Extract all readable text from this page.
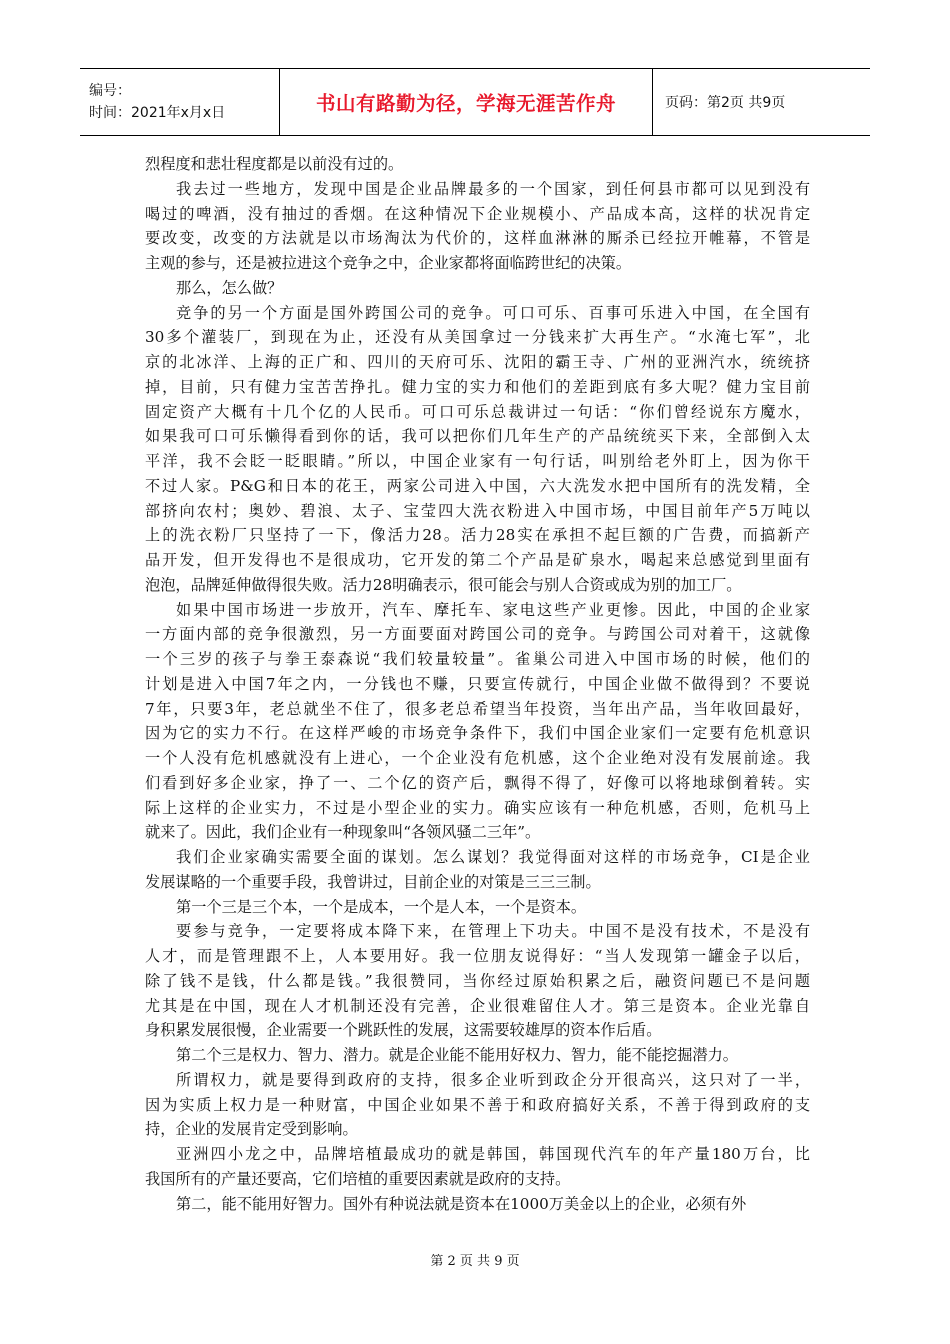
编号：
时间：2021年x月x日	书山有路勤为径，学海无涯苦作舟	页码：第2页 共9页
烈程度和悲壮程度都是以前没有过的。
我去过一些地方，发现中国是企业品牌最多的一个国家，到任何县市都可以见到没有
喝过的啤酒，没有抽过的香烟。在这种情况下企业规模小、产品成本高，这样的状况肯定
要改变，改变的方法就是以市场淘汰为代价的，这样血淋淋的厮杀已经拉开帷幕，不管是
主观的参与，还是被拉进这个竞争之中，企业家都将面临跨世纪的决策。
那么，怎么做？
竞争的另一个方面是国外跨国公司的竞争。可口可乐、百事可乐进入中国，在全国有
30多个灌装厂，到现在为止，还没有从美国拿过一分钱来扩大再生产。“水淹七军”，北
京的北冰洋、上海的正广和、四川的天府可乐、沈阳的霸王寺、广州的亚洲汽水，统统挤
掉，目前，只有健力宝苦苦挣扎。健力宝的实力和他们的差距到底有多大呢？健力宝目前
固定资产大概有十几个亿的人民币。可口可乐总裁讲过一句话：“你们曾经说东方魔水，
如果我可口可乐懒得看到你的话，我可以把你们几年生产的产品统统买下来，全部倒入太
平洋，我不会眨一眨眼睛。”所以，中国企业家有一句行话，叫别给老外盯上，因为你干
不过人家。P&G和日本的花王，两家公司进入中国，六大洗发水把中国所有的洗发精，全
部挤向农村；奥妙、碧浪、太子、宝莹四大洗衣粉进入中国市场，中国目前年产5万吨以
上的洗衣粉厂只坚持了一下，像活力28。活力28实在承担不起巨额的广告费，而搞新产
品开发，但开发得也不是很成功，它开发的第二个产品是矿泉水，喝起来总感觉到里面有
泡泡，品牌延伸做得很失败。活力28明确表示，很可能会与别人合资或成为别的加工厂。
如果中国市场进一步放开，汽车、摩托车、家电这些产业更惨。因此，中国的企业家
一方面内部的竞争很激烈，另一方面要面对跨国公司的竞争。与跨国公司对着干，这就像
一个三岁的孩子与拳王泰森说“我们较量较量”。雀巢公司进入中国市场的时候，他们的
计划是进入中国7年之内，一分钱也不赚，只要宣传就行，中国企业做不做得到？不要说
7年，只要3年，老总就坐不住了，很多老总希望当年投资，当年出产品，当年收回最好，
因为它的实力不行。在这样严峻的市场竞争条件下，我们中国企业家们一定要有危机意识
一个人没有危机感就没有上进心，一个企业没有危机感，这个企业绝对没有发展前途。我
们看到好多企业家，挣了一、二个亿的资产后，飘得不得了，好像可以将地球倒着转。实
际上这样的企业实力，不过是小型企业的实力。确实应该有一种危机感，否则，危机马上
就来了。因此，我们企业有一种现象叫“各领风骚二三年”。
我们企业家确实需要全面的谋划。怎么谋划？我觉得面对这样的市场竞争，CI是企业
发展谋略的一个重要手段，我曾讲过，目前企业的对策是三三三制。
第一个三是三个本，一个是成本，一个是人本，一个是资本。
要参与竞争，一定要将成本降下来，在管理上下功夫。中国不是没有技术，不是没有
人才，而是管理跟不上，人本要用好。我一位朋友说得好：“当人发现第一罐金子以后，
除了钱不是钱，什么都是钱。”我很赞同，当你经过原始积累之后，融资问题已不是问题
尤其是在中国，现在人才机制还没有完善，企业很难留住人才。第三是资本。企业光靠自
身积累发展很慢，企业需要一个跳跃性的发展，这需要较雄厚的资本作后盾。
第二个三是权力、智力、潜力。就是企业能不能用好权力、智力，能不能挖掘潜力。
所谓权力，就是要得到政府的支持，很多企业听到政企分开很高兴，这只对了一半，
因为实质上权力是一种财富，中国企业如果不善于和政府搞好关系，不善于得到政府的支
持，企业的发展肯定受到影响。
亚洲四小龙之中，品牌培植最成功的就是韩国，韩国现代汽车的年产量180万台，比
我国所有的产量还要高，它们培植的重要因素就是政府的支持。
第二，能不能用好智力。国外有种说法就是资本在1000万美金以上的企业，必须有外
第 2 页 共 9 页
